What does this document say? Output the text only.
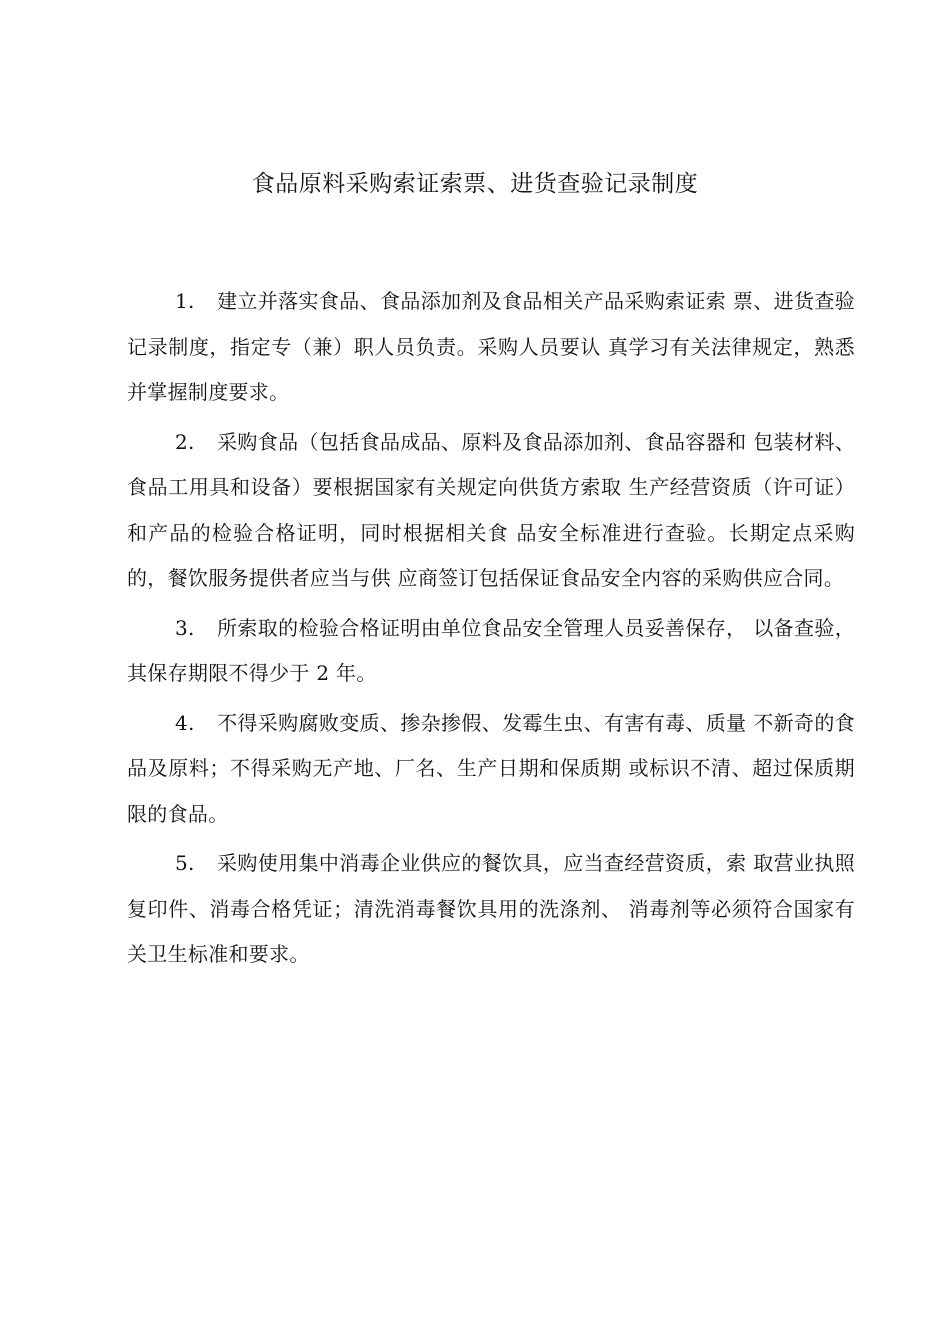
食品原料采购索证索票、进货查验记录制度

1. 建立并落实食品、食品添加剂及食品相关产品采购索证索 票、进货查验记录制度，指定专（兼）职人员负责。采购人员要认 真学习有关法律规定，熟悉并掌握制度要求。

2. 采购食品（包括食品成品、原料及食品添加剂、食品容器和 包装材料、食品工用具和设备）要根据国家有关规定向供货方索取 生产经营资质（许可证）和产品的检验合格证明，同时根据相关食 品安全标准进行查验。长期定点采购的，餐饮服务提供者应当与供 应商签订包括保证食品安全内容的采购供应合同。

3. 所索取的检验合格证明由单位食品安全管理人员妥善保存， 以备查验，其保存期限不得少于 2 年。

4. 不得采购腐败变质、掺杂掺假、发霉生虫、有害有毒、质量 不新奇的食品及原料；不得采购无产地、厂名、生产日期和保质期 或标识不清、超过保质期限的食品。

5. 采购使用集中消毒企业供应的餐饮具，应当查经营资质，索 取营业执照复印件、消毒合格凭证；清洗消毒餐饮具用的洗涤剂、 消毒剂等必须符合国家有关卫生标准和要求。
